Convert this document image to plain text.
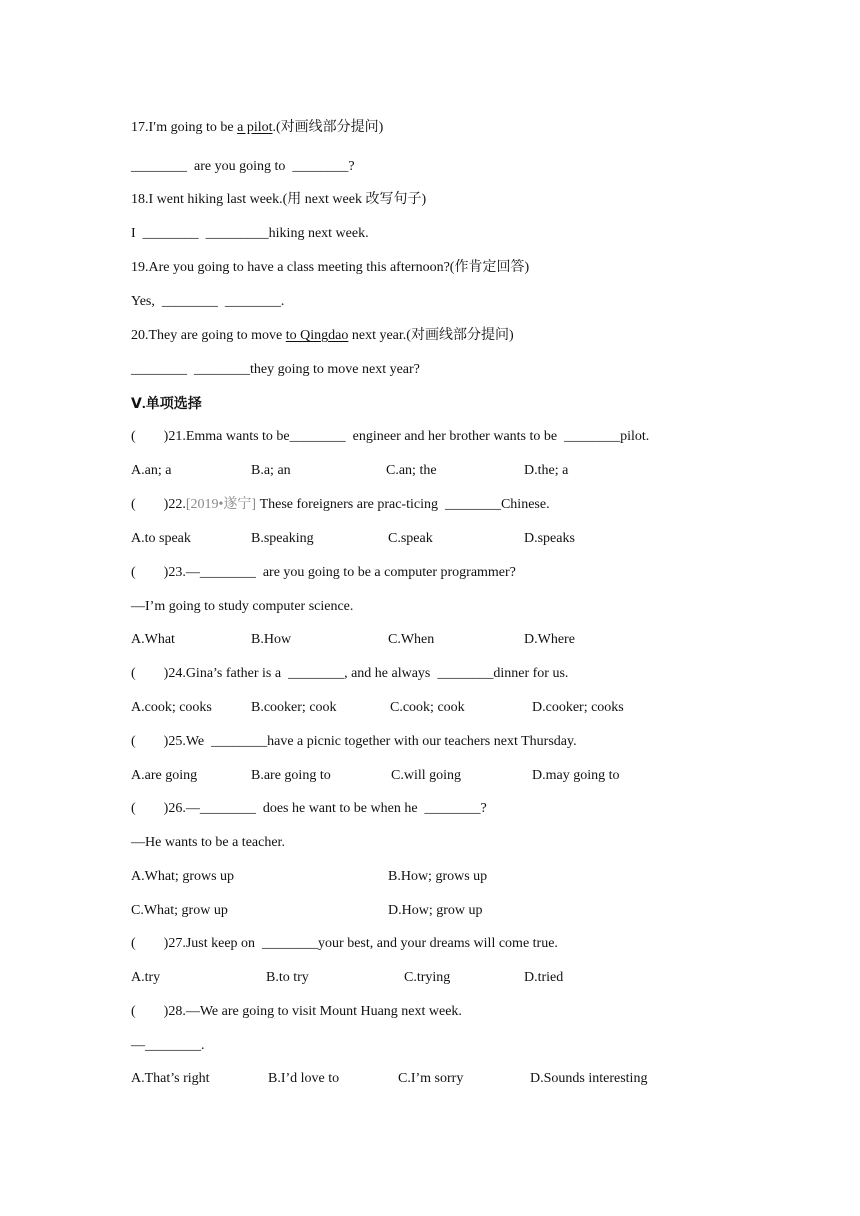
17.I′m going to be a pilot.(对画线部分提问)
________  are you going to  ________?
18.I went hiking last week.(用 next week 改写句子)
I  ________  _________hiking next week.
19.Are you going to have a class meeting this afternoon?(作肯定回答)
Yes,  ________  ________.
20.They are going to move to Qingdao next year.(对画线部分提问)
________  ________they going to move next year?
Ⅴ.单项选择
(        )21.Emma wants to be________  engineer and her brother wants to be  ________pilot.
A.an; a	B.a; an	C.an; the	D.the; a
(        )22.[2019•遂宁] These foreigners are prac-ticing  ________Chinese.
A.to speak	B.speaking	C.speak	D.speaks
(        )23.—________  are you going to be a computer programmer?
—I’m going to study computer science.
A.What	B.How	C.When	D.Where
(        )24.Gina’s father is a  ________, and he always  ________dinner for us.
A.cook; cooks	B.cooker; cook	C.cook; cook	D.cooker; cooks
(        )25.We  ________have a picnic together with our teachers next Thursday.
A.are going	B.are going to	C.will going	D.may going to
(        )26.—________  does he want to be when he  ________?
—He wants to be a teacher.
A.What; grows up	B.How; grows up
C.What; grow up	D.How; grow up
(        )27.Just keep on  ________your best, and your dreams will come true.
A.try	B.to try	C.trying	D.tried
(        )28.—We are going to visit Mount Huang next week.
—________.
A.That’s right	B.I’d love to	C.I’m sorry	D.Sounds interesting
